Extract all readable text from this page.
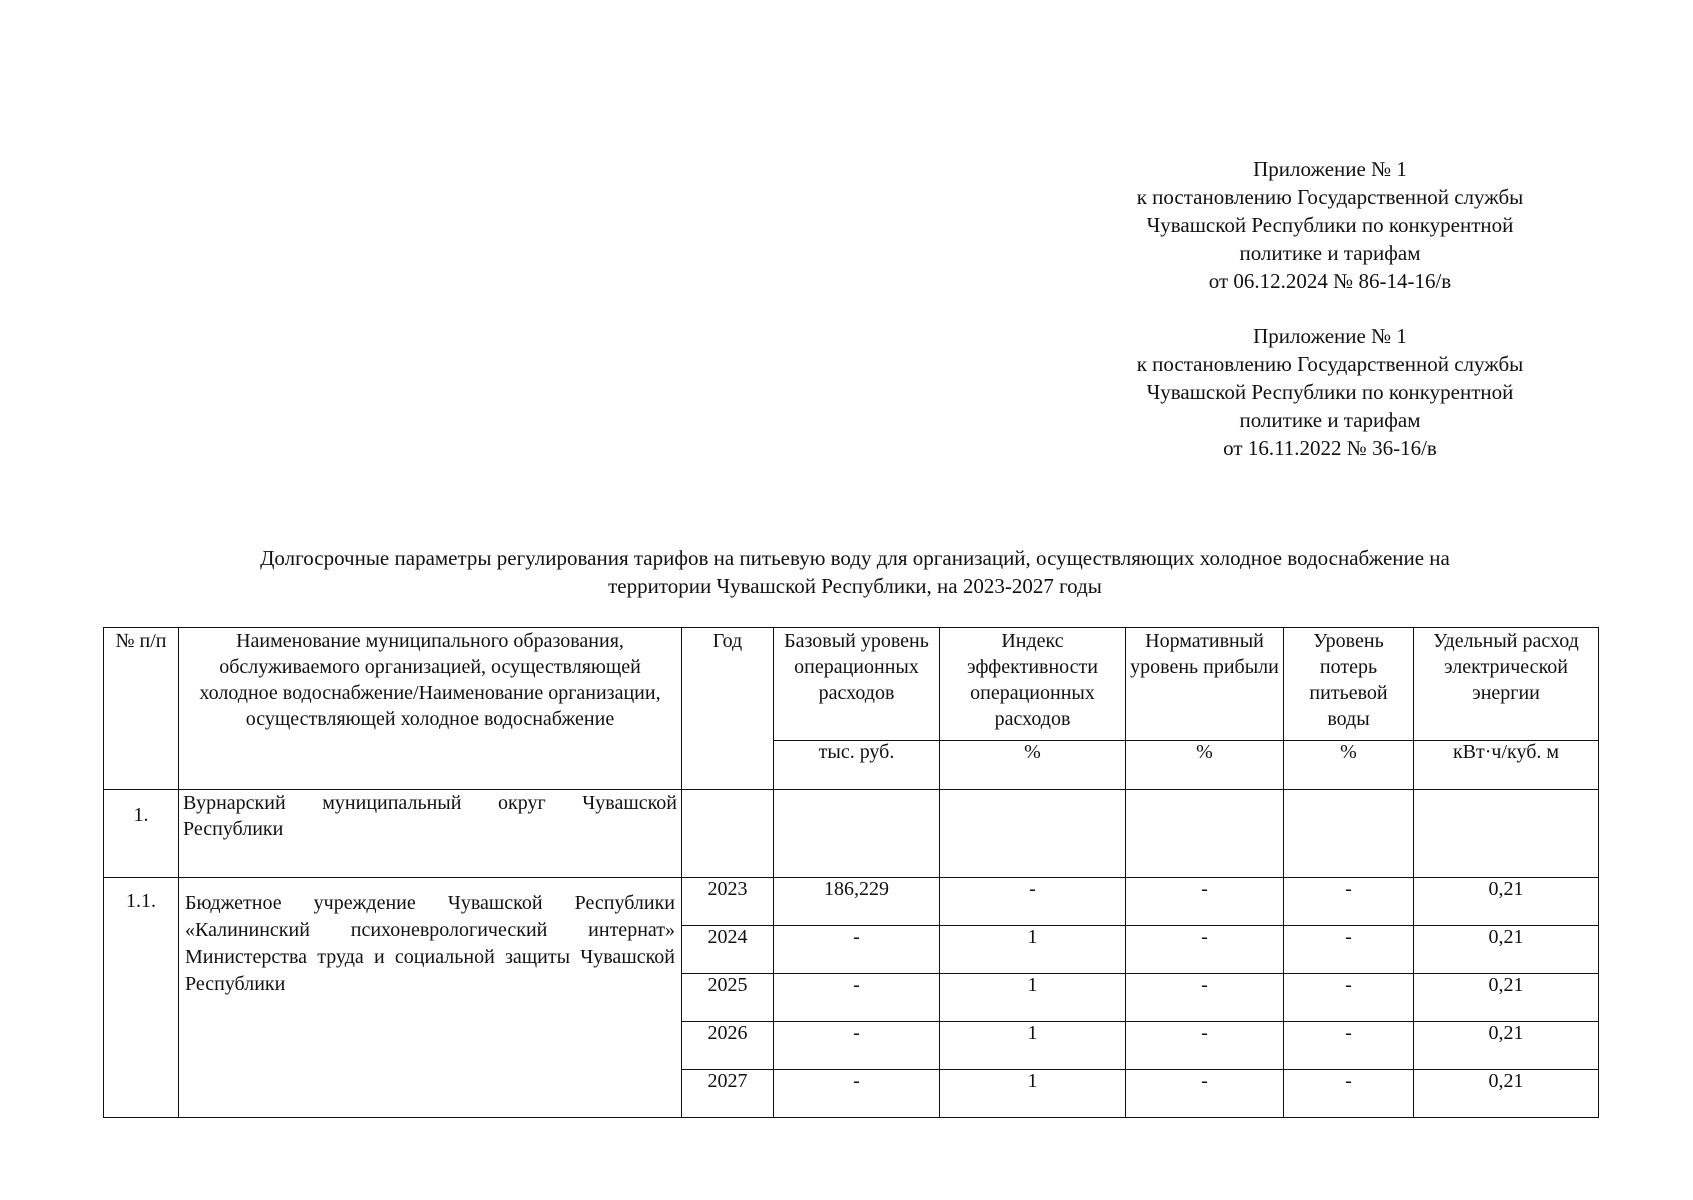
Приложение № 1
к постановлению Государственной службы
Чувашской Республики по конкурентной
политике и тарифам
от 06.12.2024 № 86-14-16/в
Приложение № 1
к постановлению Государственной службы
Чувашской Республики по конкурентной
политике и тарифам
от 16.11.2022 № 36-16/в
Долгосрочные параметры регулирования тарифов на питьевую воду для организаций, осуществляющих холодное водоснабжение на
территории Чувашской Республики, на 2023-2027 годы
№ п/п	Наименование муниципального образования, обслуживаемого организацией, осуществляющей холодное водоснабжение/Наименование организации, осуществляющей холодное водоснабжение	Год	Базовый уровень операционных расходов	Индекс эффективности операционных расходов	Нормативный уровень прибыли	Уровень потерь питьевой воды	Удельный расход электрической энергии
			тыс. руб.	%	%	%	кВт·ч/куб. м
1.	Вурнарский муниципальный округ Чувашской Республики						
1.1.	Бюджетное учреждение Чувашской Республики «Калининский психоневрологический интернат» Министерства труда и социальной защиты Чувашской Республики	2023	186,229	-	-	-	0,21
		2024	-	1	-	-	0,21
		2025	-	1	-	-	0,21
		2026	-	1	-	-	0,21
		2027	-	1	-	-	0,21
